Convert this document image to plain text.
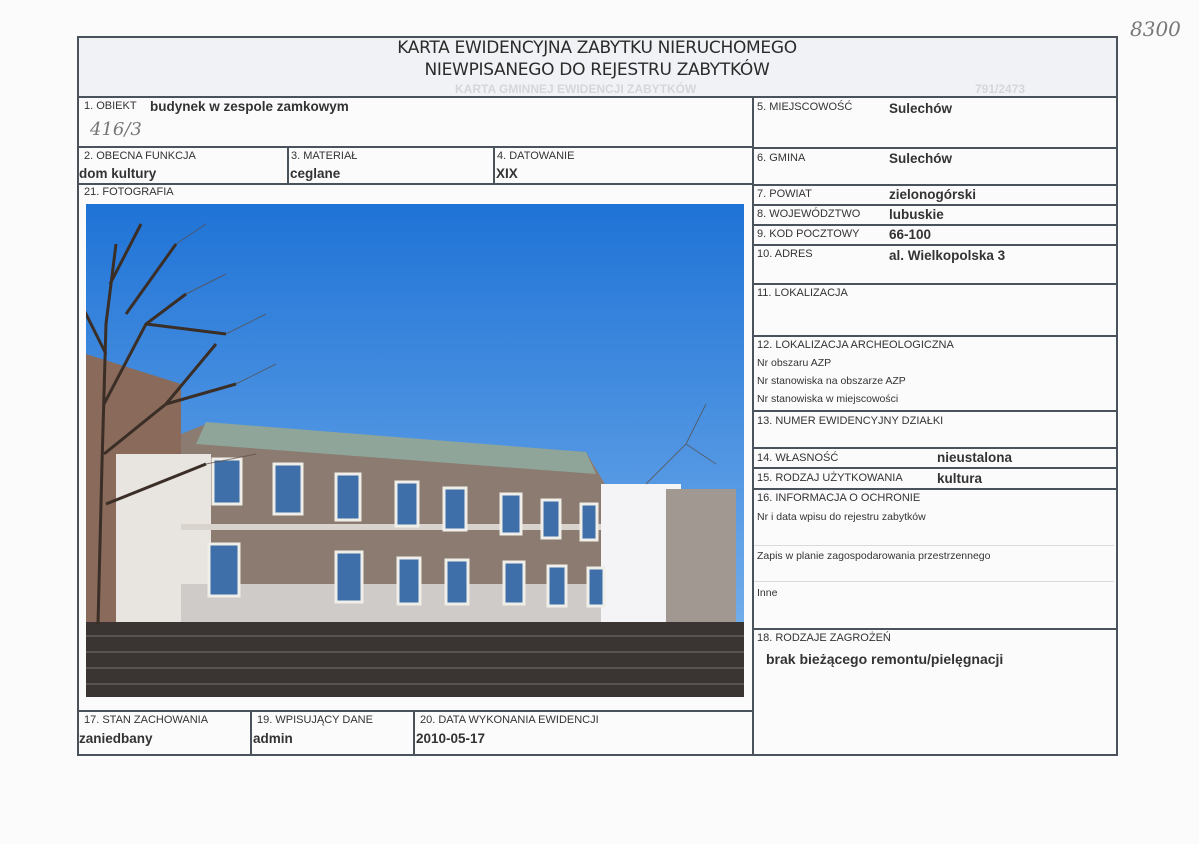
8300
KARTA EWIDENCYJNA ZABYTKU NIERUCHOMEGO
NIEWPISANEGO DO REJESTRU ZABYTKÓW
KARTA GMINNEJ EWIDENCJI ZABYTKÓW	791/2473
1. OBIEKT budynek w zespole zamkowym
416/3
2. OBECNA FUNKCJA
dom kultury
3. MATERIAŁ
ceglane
4. DATOWANIE
XIX
21. FOTOGRAFIA
17. STAN ZACHOWANIA
zaniedbany
19. WPISUJĄCY DANE
admin
20. DATA WYKONANIA EWIDENCJI
2010-05-17
5. MIEJSCOWOŚĆ	Sulechów
6. GMINA	Sulechów
7. POWIAT	zielonogórski
8. WOJEWÓDZTWO lubuskie
9. KOD POCZTOWY 66-100
10. ADRES	al. Wielkopolska 3
11. LOKALIZACJA
12. LOKALIZACJA ARCHEOLOGICZNA
Nr obszaru AZP
Nr stanowiska na obszarze AZP
Nr stanowiska w miejscowości
13. NUMER EWIDENCYJNY DZIAŁKI
14. WŁASNOŚĆ	nieustalona
15. RODZAJ UŻYTKOWANIA	kultura
16. INFORMACJA O OCHRONIE
Nr i data wpisu do rejestru zabytków
Zapis w planie zagospodarowania przestrzennego
Inne
18. RODZAJE ZAGROŻEŃ
brak bieżącego remontu/pielęgnacji
